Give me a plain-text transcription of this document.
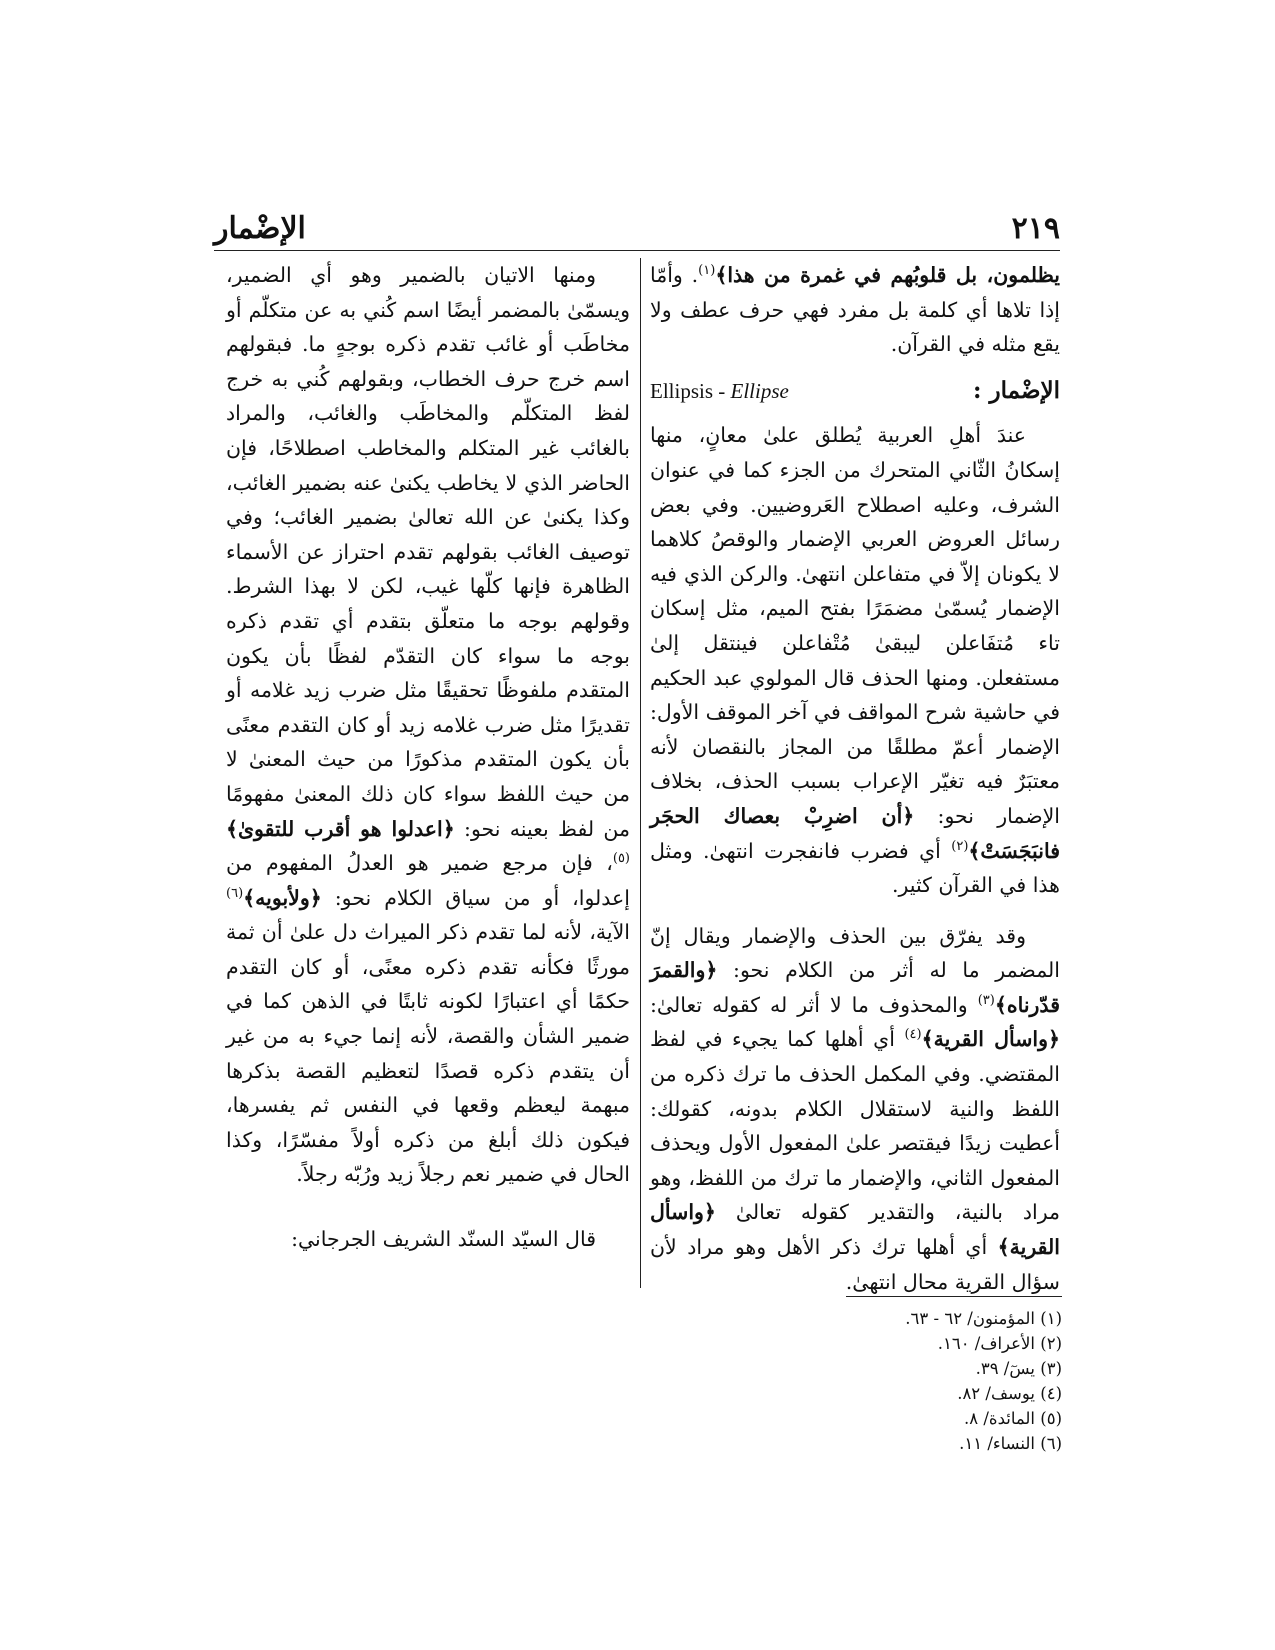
٢١٩
الإضْمار

يظلمون، بل قلوبُهم في غمرة من هذا﴾$^{(١)}$. وأمّا إذا تلاها أي كلمة بل مفرد فهي حرف عطف ولا يقع مثله في القرآن.

الإضْمار :
Ellipsis - Ellipse

عندَ أهلِ العربية يُطلق علىٰ معانٍ، منها إسكانُ الثّاني المتحرك من الجزء كما في عنوان الشرف، وعليه اصطلاح العَروضيين. وفي بعض رسائل العروض العربي الإضمار والوقصُ كلاهما لا يكونان إلاّ في متفاعلن انتهىٰ. والركن الذي فيه الإضمار يُسمّىٰ مضمَرًا بفتح الميم، مثل إسكان تاء مُتفَاعلن ليبقىٰ مُتْفاعلن فينتقل إلىٰ مستفعلن. ومنها الحذف قال المولوي عبد الحكيم في حاشية شرح المواقف في آخر الموقف الأول: الإضمار أعمّ مطلقًا من المجاز بالنقصان لأنه معتبَرٌ فيه تغيّر الإعراب بسبب الحذف، بخلاف الإضمار نحو: ﴿أن اضرِبْ بعصاك الحجَر فانبَجَسَتْ﴾$^{(٢)}$ أي فضرب فانفجرت انتهىٰ. ومثل هذا في القرآن كثير.

وقد يفرّق بين الحذف والإضمار ويقال إنّ المضمر ما له أثر من الكلام نحو: ﴿والقمرَ قدّرناه﴾$^{(٣)}$ والمحذوف ما لا أثر له كقوله تعالىٰ: ﴿واسأل القرية﴾$^{(٤)}$ أي أهلها كما يجيء في لفظ المقتضي. وفي المكمل الحذف ما ترك ذكره من اللفظ والنية لاستقلال الكلام بدونه، كقولك: أعطيت زيدًا فيقتصر علىٰ المفعول الأول ويحذف المفعول الثاني، والإضمار ما ترك من اللفظ، وهو مراد بالنية، والتقدير كقوله تعالىٰ ﴿واسأل القرية﴾ أي أهلها ترك ذكر الأهل وهو مراد لأن سؤال القرية محال انتهىٰ.

ومنها الاتيان بالضمير وهو أي الضمير، ويسمّىٰ بالمضمر أيضًا اسم كُني به عن متكلّم أو مخاطَب أو غائب تقدم ذكره بوجهٍ ما. فبقولهم اسم خرج حرف الخطاب، وبقولهم كُني به خرج لفظ المتكلّم والمخاطَب والغائب، والمراد بالغائب غير المتكلم والمخاطب اصطلاحًا، فإن الحاضر الذي لا يخاطب يكنىٰ عنه بضمير الغائب، وكذا يكنىٰ عن الله تعالىٰ بضمير الغائب؛ وفي توصيف الغائب بقولهم تقدم احتراز عن الأسماء الظاهرة فإنها كلّها غيب، لكن لا بهذا الشرط. وقولهم بوجه ما متعلّق بتقدم أي تقدم ذكره بوجه ما سواء كان التقدّم لفظًا بأن يكون المتقدم ملفوظًا تحقيقًا مثل ضرب زيد غلامه أو تقديرًا مثل ضرب غلامه زيد أو كان التقدم معنًى بأن يكون المتقدم مذكورًا من حيث المعنىٰ لا من حيث اللفظ سواء كان ذلك المعنىٰ مفهومًا من لفظ بعينه نحو: ﴿اعدلوا هو أقرب للتقوىٰ﴾$^{(٥)}$، فإن مرجع ضمير هو العدلُ المفهوم من إعدلوا، أو من سياق الكلام نحو: ﴿ولأبويه﴾$^{(٦)}$ الآية، لأنه لما تقدم ذكر الميراث دل علىٰ أن ثمة مورثًا فكأنه تقدم ذكره معنًى، أو كان التقدم حكمًا أي اعتبارًا لكونه ثابتًا في الذهن كما في ضمير الشأن والقصة، لأنه إنما جيء به من غير أن يتقدم ذكره قصدًا لتعظيم القصة بذكرها مبهمة ليعظم وقعها في النفس ثم يفسرها، فيكون ذلك أبلغ من ذكره أولاً مفسّرًا، وكذا الحال في ضمير نعم رجلاً زيد ورُبّه رجلاً.

قال السيّد السنّد الشريف الجرجاني:

(١) المؤمنون/ ٦٢ - ٦٣.
(٢) الأعراف/ ١٦٠.
(٣) يسٓ/ ٣٩.
(٤) يوسف/ ٨٢.
(٥) المائدة/ ٨.
(٦) النساء/ ١١.
